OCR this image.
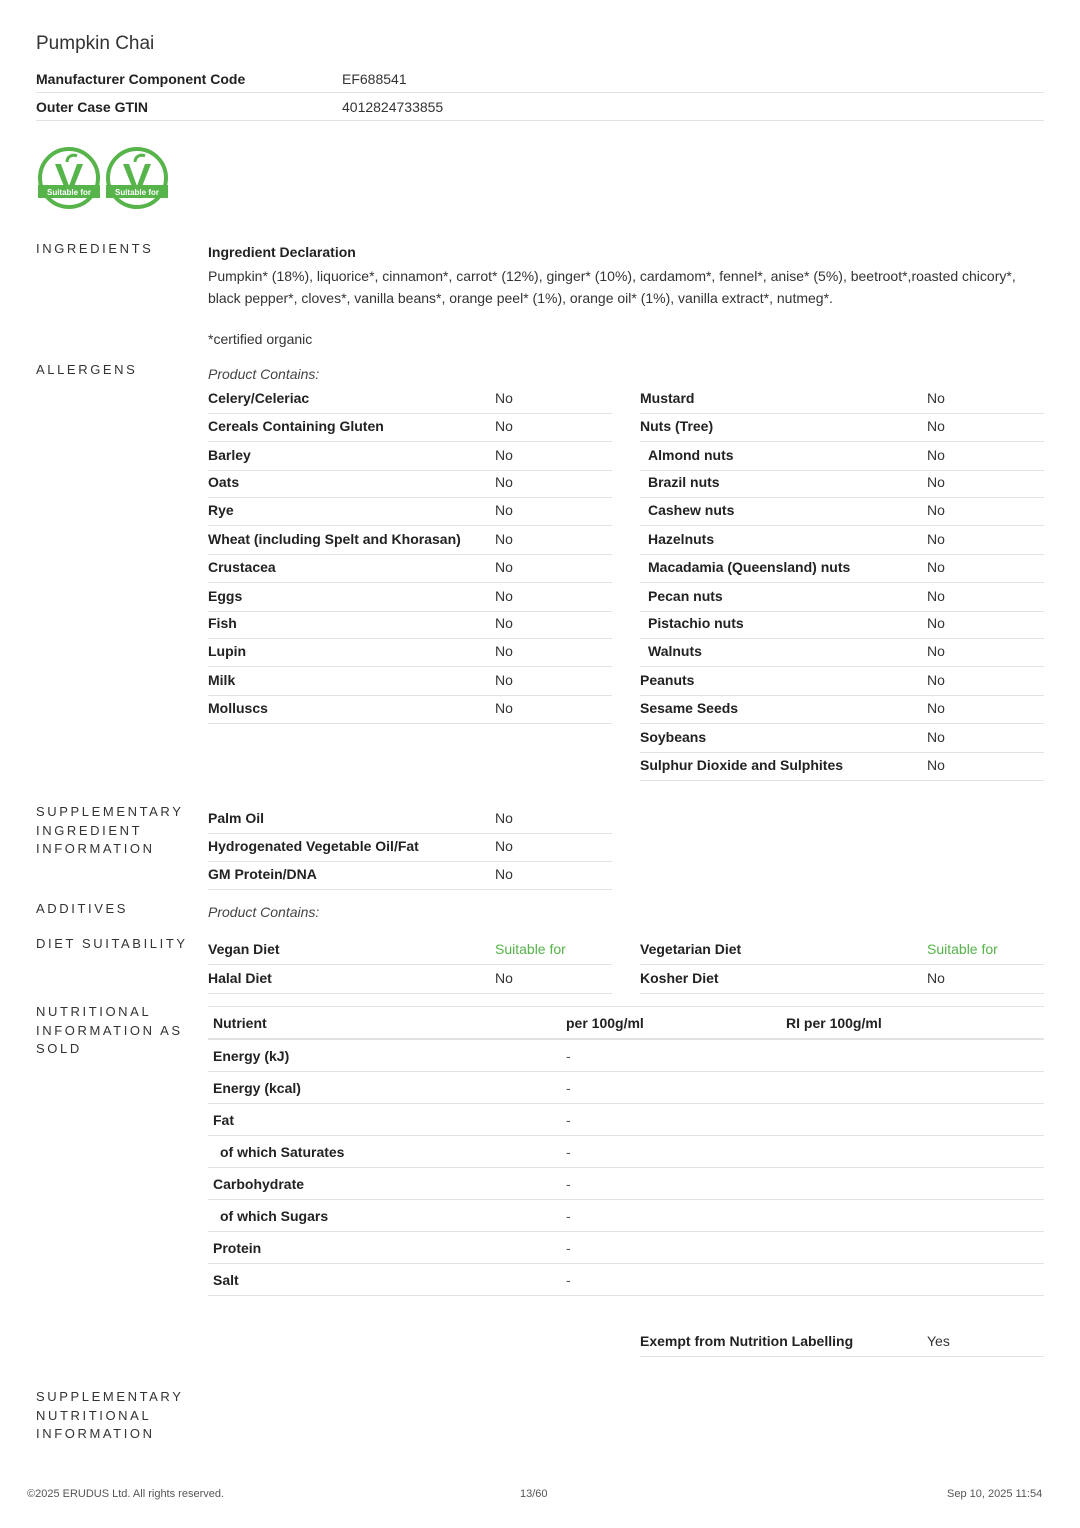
Pumpkin Chai
Manufacturer Component Code	EF688541
Outer Case GTIN	4012824733855
Suitable for	Suitable for
INGREDIENTS
ALLERGENS
SUPPLEMENTARY INGREDIENT INFORMATION
ADDITIVES
DIET SUITABILITY
NUTRITIONAL INFORMATION AS SOLD
SUPPLEMENTARY NUTRITIONAL INFORMATION
Ingredient Declaration
Pumpkin* (18%), liquorice*, cinnamon*, carrot* (12%), ginger* (10%), cardamom*, fennel*, anise* (5%), beetroot*,roasted chicory*, black pepper*, cloves*, vanilla beans*, orange peel* (1%), orange oil* (1%), vanilla extract*, nutmeg*.
*certified organic
Product Contains:
Celery/Celeriac	No
Cereals Containing Gluten	No
Barley	No
Oats	No
Rye	No
Wheat (including Spelt and Khorasan) No
Crustacea	No
Eggs	No
Fish	No
Lupin	No
Milk	No
Molluscs	No
Mustard	No
Nuts (Tree)	No
Almond nuts	No
Brazil nuts	No
Cashew nuts	No
Hazelnuts	No
Macadamia (Queensland) nuts	No
Pecan nuts	No
Pistachio nuts	No
Walnuts	No
Peanuts	No
Sesame Seeds	No
Soybeans	No
Sulphur Dioxide and Sulphites	No
Palm Oil	No
Hydrogenated Vegetable Oil/Fat	No
GM Protein/DNA	No
Product Contains:
Vegan Diet	Suitable for	Vegetarian Diet	Suitable for
Halal Diet	No	Kosher Diet	No
Nutrient	per 100g/ml	RI per 100g/ml
Energy (kJ)	-
Energy (kcal)	-
Fat	-
of which Saturates	-
Carbohydrate	-
of which Sugars	-
Protein	-
Salt	-
Exempt from Nutrition Labelling	Yes
©2025 ERUDUS Ltd. All rights reserved.	13/60	Sep 10, 2025 11:54
